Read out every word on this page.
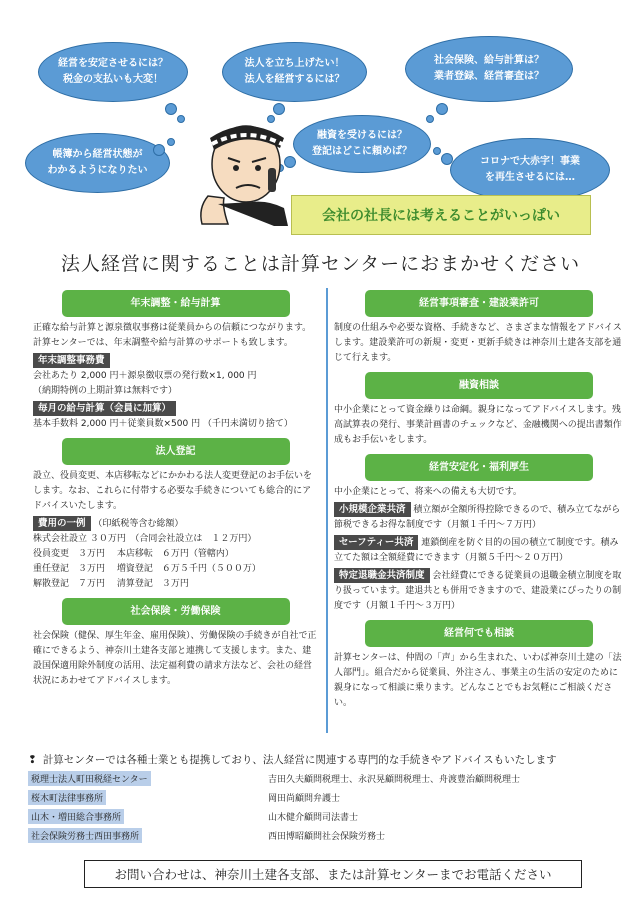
経営を安定させるには？
税金の支払いも大変！
法人を立ち上げたい！
法人を経営するには？
社会保険、給与計算は？
業者登録、経営審査は？
帳簿から経営状態が
わかるようになりたい
融資を受けるには？
登記はどこに頼めば？
コロナで大赤字！事業
を再生させるには…
会社の社長には考えることがいっぱい
法人経営に関することは計算センターにおまかせください
年末調整・給与計算
正確な給与計算と源泉徴収事務は従業員からの信頼につながります。計算センターでは、年末調整や給与計算のサポートも致します。
年末調整事務費
会社あたり 2,000 円＋源泉徴収票の発行数×1, 000 円
（納期特例の上期計算は無料です）
毎月の給与計算（会員に加算）
基本手数料 2,000 円＋従業員数×500 円 （千円未満切り捨て）
法人登記
設立、役員変更、本店移転などにかかわる法人変更登記のお手伝いをします。なお、これらに付帯する必要な手続きについても総合的にアドバイスいたします。
費用の一例 （印紙税等含む総額）
株式会社設立 ３０万円　（合同会社設立は　１２万円）
役員変更　３万円　 本店移転　６万円（管轄内）
重任登記　３万円　 増資登記　６万５千円（５００万）
解散登記　７万円　 清算登記　３万円
社会保険・労働保険
社会保険（健保、厚生年金、雇用保険）、労働保険の手続きが自社で正確にできるよう、神奈川土建各支部と連携して支援します。また、建設国保適用除外制度の活用、法定福利費の請求方法など、会社の経営状況にあわせてアドバイスします。
経営事項審査・建設業許可
制度の仕組みや必要な資格、手続きなど、さまざまな情報をアドバイスします。建設業許可の新規・変更・更新手続きは神奈川土建各支部を通じて行えます。
融資相談
中小企業にとって資金繰りは命綱。親身になってアドバイスします。残高試算表の発行、事業計画書のチェックなど、金融機関への提出書類作成もお手伝いをします。
経営安定化・福利厚生
中小企業にとって、将来への備えも大切です。
小規模企業共済 積立額が全額所得控除できるので、積み立てながら節税できるお得な制度です（月額１千円～７万円）
セーフティー共済 連鎖倒産を防ぐ目的の国の積立て制度です。積み立てた額は全額経費にできます（月額５千円～２０万円）
特定退職金共済制度 会社経費にできる従業員の退職金積立制度を取り扱っています。建退共とも併用できますので、建設業にぴったりの制度です（月額１千円～３万円）
経営何でも相談
計算センターは、仲間の「声」から生まれた、いわば神奈川土建の「法人部門」。組合だから従業員、外注さん、事業主の生活の安定のために親身になって相談に乗ります。どんなことでもお気軽にご相談ください。
❢ 計算センターでは各種士業とも提携しており、法人経営に関連する専門的な手続きやアドバイスもいたします
税理士法人町田税経センター	吉田久夫顧問税理士、永沢晃顧問税理士、舟渡豊治顧問税理士
桜木町法律事務所	岡田尚顧問弁護士
山木・増田総合事務所	山木健介顧問司法書士
社会保険労務士西田事務所	西田博昭顧問社会保険労務士
お問い合わせは、神奈川土建各支部、または計算センターまでお電話ください
